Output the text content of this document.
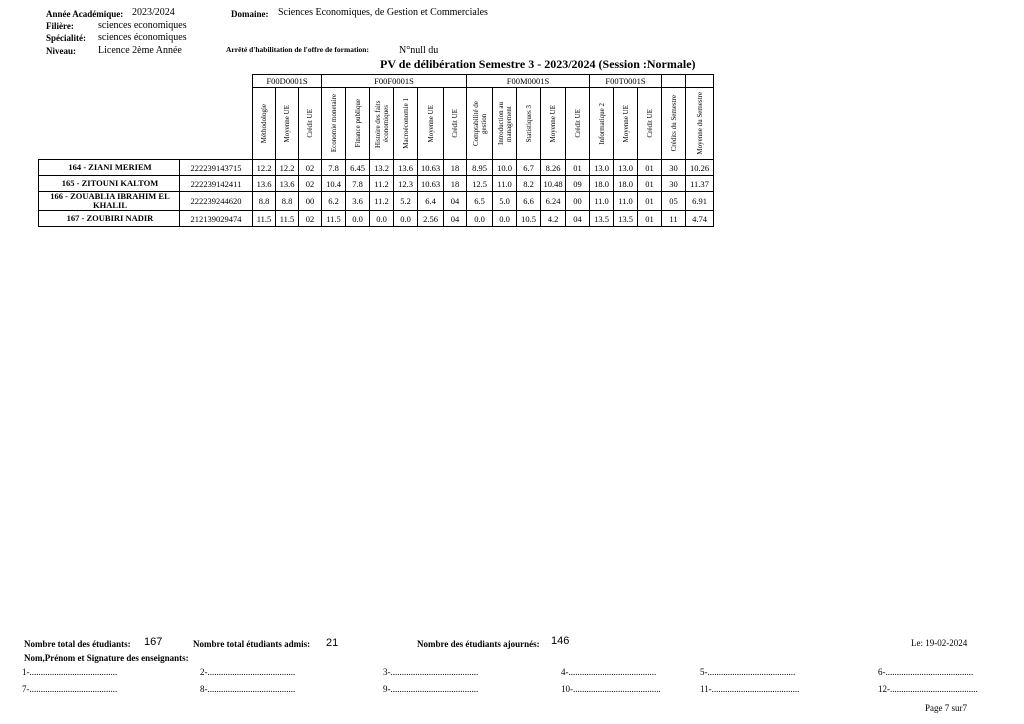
Année Académique: 2023/2024
Filière: sciences economiques
Spécialité: sciences économiques
Niveau: Licence 2ème Année
Domaine: Sciences Economiques, de Gestion et Commerciales
Arrêté d'habilitation de l'offre de formation:	N°null du
PV de délibération Semestre 3 - 2023/2024 (Session :Normale)
		F00D0001S			F00F0001S						F00M0001S					F00T0001S				

		Méthodologie	Moyenne UE	Crédit UE	Economie monetaire	Finance publique	Histoire des faits économiques	Macroéconomie 1	Moyenne UE	Crédit UE	Comptabilité de gestion	Introduction au management	Statistiques 3	Moyenne UE	Crédit UE	Informatique 2	Moyenne UE	Crédit UE	Crédits du Semestre	Moyenne du Semestre

164 - ZIANI MERIEM	222239143715	12.2	12.2	02	7.8	6.45	13.2	13.6	10.63	18	8.95	10.0	6.7	8.26	01	13.0	13.0	01	30	10.26
165 - ZITOUNI KALTOM	222239142411	13.6	13.6	02	10.4	7.8	11.2	12.3	10.63	18	12.5	11.0	8.2	10.48	09	18.0	18.0	01	30	11.37
166 - ZOUABLIA IBRAHIM EL KHALIL	222239244620	8.8	8.8	00	6.2	3.6	11.2	5.2	6.4	04	6.5	5.0	6.6	6.24	00	11.0	11.0	01	05	6.91
167 - ZOUBIRI NADIR	212139029474	11.5	11.5	02	11.5	0.0	0.0	0.0	2.56	04	0.0	0.0	10.5	4.2	04	13.5	13.5	01	11	4.74
Nombre total des étudiants: 167	Nombre total étudiants admis: 21	Nombre des étudiants ajournés: 146	Le: 19-02-2024
Nom,Prénom et Signature des enseignants:
1-.......................................	2-.......................................	3-.......................................	4-.......................................	5-.......................................	6-.......................................
7-.......................................	8-.......................................	9-.......................................	10-.......................................	11-.......................................	12-.......................................
Page 7 sur7
